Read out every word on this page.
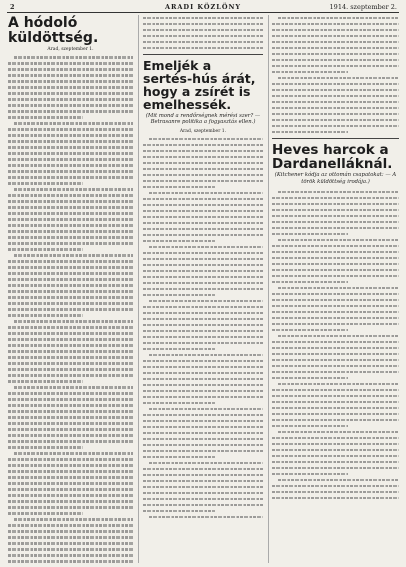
2	ARADI KÖZLÖNY	1914. szeptember 2.
A hódoló küldöttség.
Arad, szeptember 1.
Emeljék a sertés-hús árát, hogy a zsírét is emelhessék.
(Mit mond a rendőrségnek mérési szer? — Betrasanre politika a fogyasztás ellen.)
Arad, szeptember 1.
Heves harcok a Dardanelláknál.
(Kitchener kódja az ottomán csapatokat: — A török küldöttség irodája.)
